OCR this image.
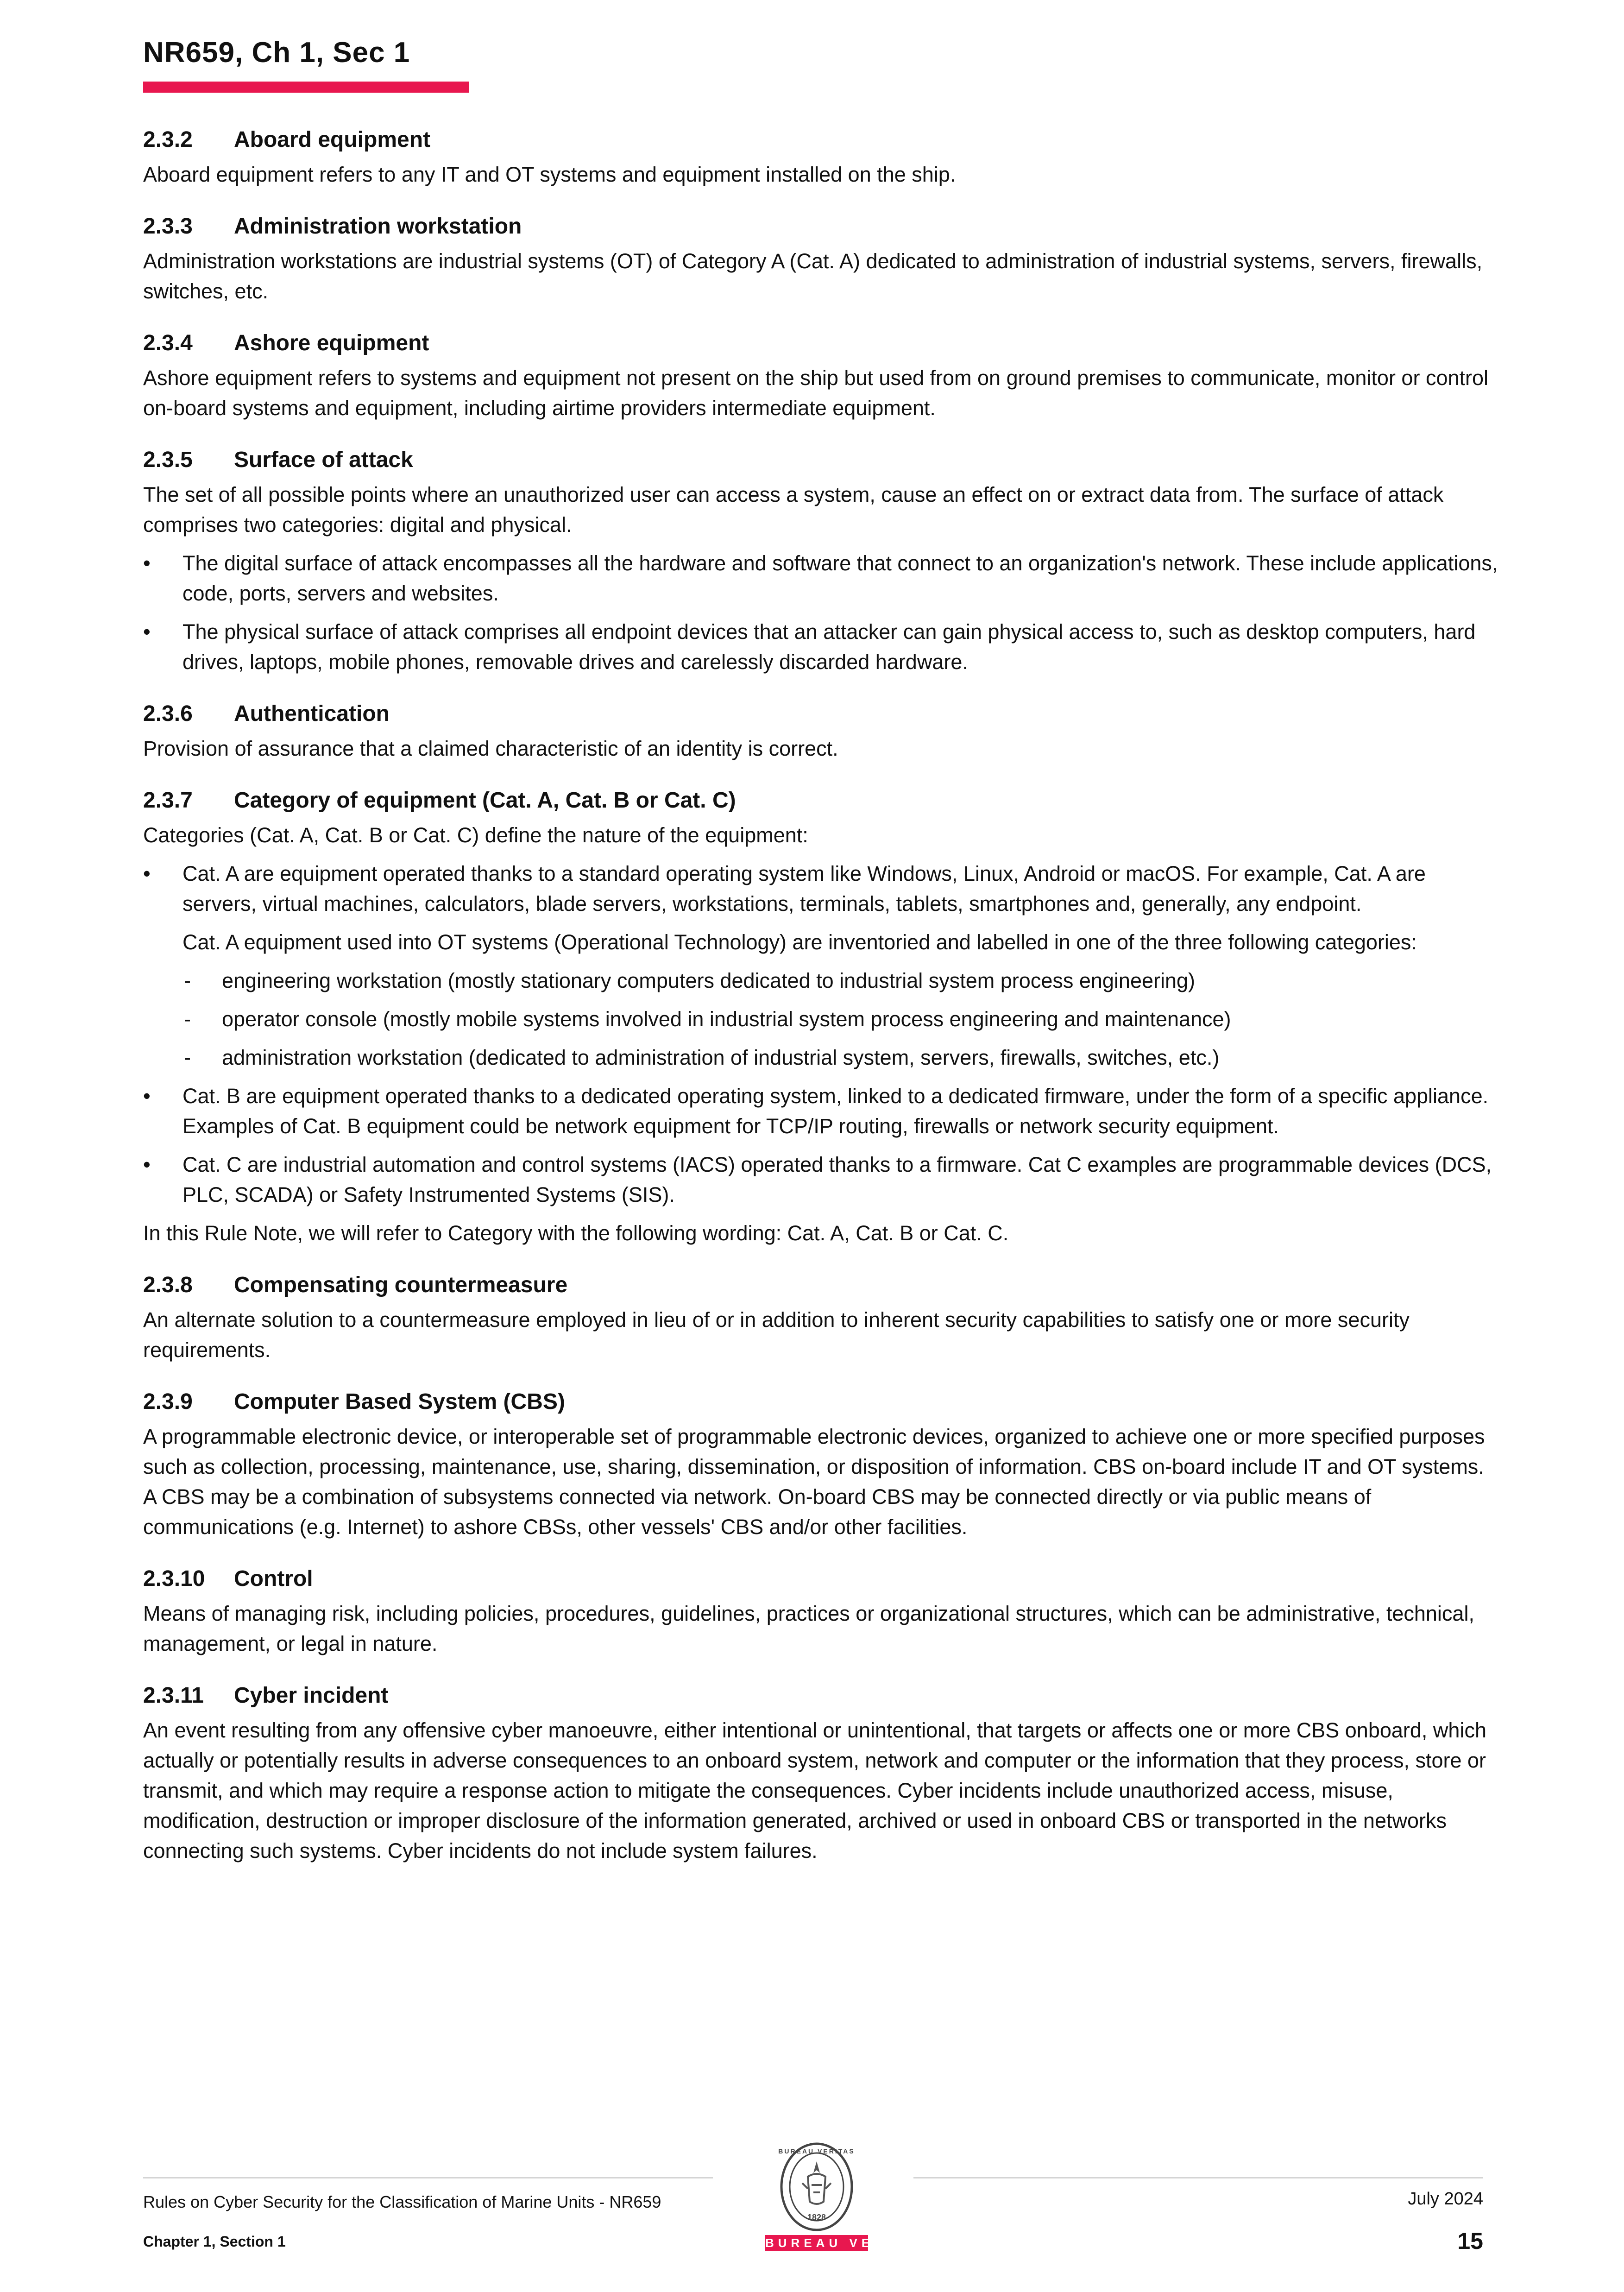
NR659, Ch 1, Sec 1
2.3.2 Aboard equipment

Aboard equipment refers to any IT and OT systems and equipment installed on the ship.

2.3.3 Administration workstation

Administration workstations are industrial systems (OT) of Category A (Cat. A) dedicated to administration of industrial systems, servers, firewalls, switches, etc.

2.3.4 Ashore equipment

Ashore equipment refers to systems and equipment not present on the ship but used from on ground premises to communicate, monitor or control on-board systems and equipment, including airtime providers intermediate equipment.

2.3.5 Surface of attack

The set of all possible points where an unauthorized user can access a system, cause an effect on or extract data from. The surface of attack comprises two categories: digital and physical.

• The digital surface of attack encompasses all the hardware and software that connect to an organization's network. These include applications, code, ports, servers and websites.
• The physical surface of attack comprises all endpoint devices that an attacker can gain physical access to, such as desktop computers, hard drives, laptops, mobile phones, removable drives and carelessly discarded hardware.
2.3.6 Authentication

Provision of assurance that a claimed characteristic of an identity is correct.

2.3.7 Category of equipment (Cat. A, Cat. B or Cat. C)

Categories (Cat. A, Cat. B or Cat. C) define the nature of the equipment:

• Cat. A are equipment operated thanks to a standard operating system like Windows, Linux, Android or macOS. For example, Cat. A are servers, virtual machines, calculators, blade servers, workstations, terminals, tablets, smartphones and, generally, any endpoint.

Cat. A equipment used into OT systems (Operational Technology) are inventoried and labelled in one of the three following categories:

- engineering workstation (mostly stationary computers dedicated to industrial system process engineering)
- operator console (mostly mobile systems involved in industrial system process engineering and maintenance)
- administration workstation (dedicated to administration of industrial system, servers, firewalls, switches, etc.)
• Cat. B are equipment operated thanks to a dedicated operating system, linked to a dedicated firmware, under the form of a specific appliance. Examples of Cat. B equipment could be network equipment for TCP/IP routing, firewalls or network security equipment.
• Cat. C are industrial automation and control systems (IACS) operated thanks to a firmware. Cat C examples are programmable devices (DCS, PLC, SCADA) or Safety Instrumented Systems (SIS).

In this Rule Note, we will refer to Category with the following wording: Cat. A, Cat. B or Cat. C.

2.3.8 Compensating countermeasure

An alternate solution to a countermeasure employed in lieu of or in addition to inherent security capabilities to satisfy one or more security requirements.

2.3.9 Computer Based System (CBS)

A programmable electronic device, or interoperable set of programmable electronic devices, organized to achieve one or more specified purposes such as collection, processing, maintenance, use, sharing, dissemination, or disposition of information. CBS on-board include IT and OT systems. A CBS may be a combination of subsystems connected via network. On-board CBS may be connected directly or via public means of communications (e.g. Internet) to ashore CBSs, other vessels' CBS and/or other facilities.

2.3.10 Control

Means of managing risk, including policies, procedures, guidelines, practices or organizational structures, which can be administrative, technical, management, or legal in nature.

2.3.11 Cyber incident

An event resulting from any offensive cyber manoeuvre, either intentional or unintentional, that targets or affects one or more CBS onboard, which actually or potentially results in adverse consequences to an onboard system, network and computer or the information that they process, store or transmit, and which may require a response action to mitigate the consequences. Cyber incidents include unauthorized access, misuse, modification, destruction or improper disclosure of the information generated, archived or used in onboard CBS or transported in the networks connecting such systems. Cyber incidents do not include system failures.

Rules on Cyber Security for the Classification of Marine Units - NR659
Chapter 1, Section 1
July 2024
15
BUREAU VERITAS
1828
BUREAU VERITAS
